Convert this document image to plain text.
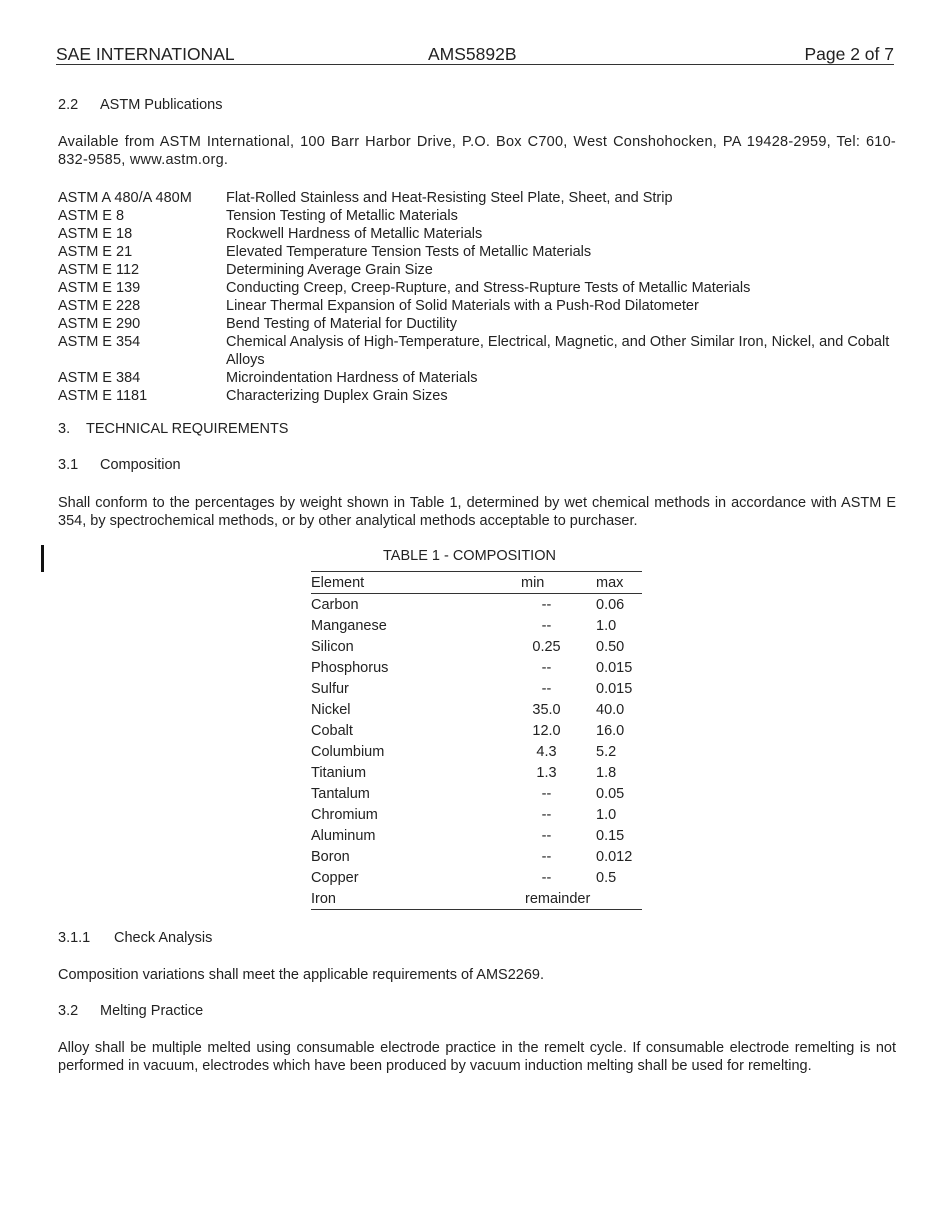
SAE INTERNATIONAL	AMS5892B	Page 2 of 7
2.2 ASTM Publications
Available from ASTM International, 100 Barr Harbor Drive, P.O. Box C700, West Conshohocken, PA 19428-2959, Tel: 610-832-9585, www.astm.org.
ASTM A 480/A 480M	Flat-Rolled Stainless and Heat-Resisting Steel Plate, Sheet, and Strip
ASTM E 8	Tension Testing of Metallic Materials
ASTM E 18	Rockwell Hardness of Metallic Materials
ASTM E 21	Elevated Temperature Tension Tests of Metallic Materials
ASTM E 112	Determining Average Grain Size
ASTM E 139	Conducting Creep, Creep-Rupture, and Stress-Rupture Tests of Metallic Materials
ASTM E 228	Linear Thermal Expansion of Solid Materials with a Push-Rod Dilatometer
ASTM E 290	Bend Testing of Material for Ductility
ASTM E 354	Chemical Analysis of High-Temperature, Electrical, Magnetic, and Other Similar Iron, Nickel, and Cobalt Alloys
ASTM E 384	Microindentation Hardness of Materials
ASTM E 1181	Characterizing Duplex Grain Sizes
3. TECHNICAL REQUIREMENTS
3.1 Composition
Shall conform to the percentages by weight shown in Table 1, determined by wet chemical methods in accordance with ASTM E 354, by spectrochemical methods, or by other analytical methods acceptable to purchaser.
TABLE 1 - COMPOSITION
Element	min	max
Carbon	--	0.06
Manganese	--	1.0
Silicon	0.25	0.50
Phosphorus	--	0.015
Sulfur	--	0.015
Nickel	35.0	40.0
Cobalt	12.0	16.0
Columbium	4.3	5.2
Titanium	1.3	1.8
Tantalum	--	0.05
Chromium	--	1.0
Aluminum	--	0.15
Boron	--	0.012
Copper	--	0.5
Iron	remainder	
3.1.1 Check Analysis
Composition variations shall meet the applicable requirements of AMS2269.
3.2 Melting Practice
Alloy shall be multiple melted using consumable electrode practice in the remelt cycle. If consumable electrode remelting is not performed in vacuum, electrodes which have been produced by vacuum induction melting shall be used for remelting.
